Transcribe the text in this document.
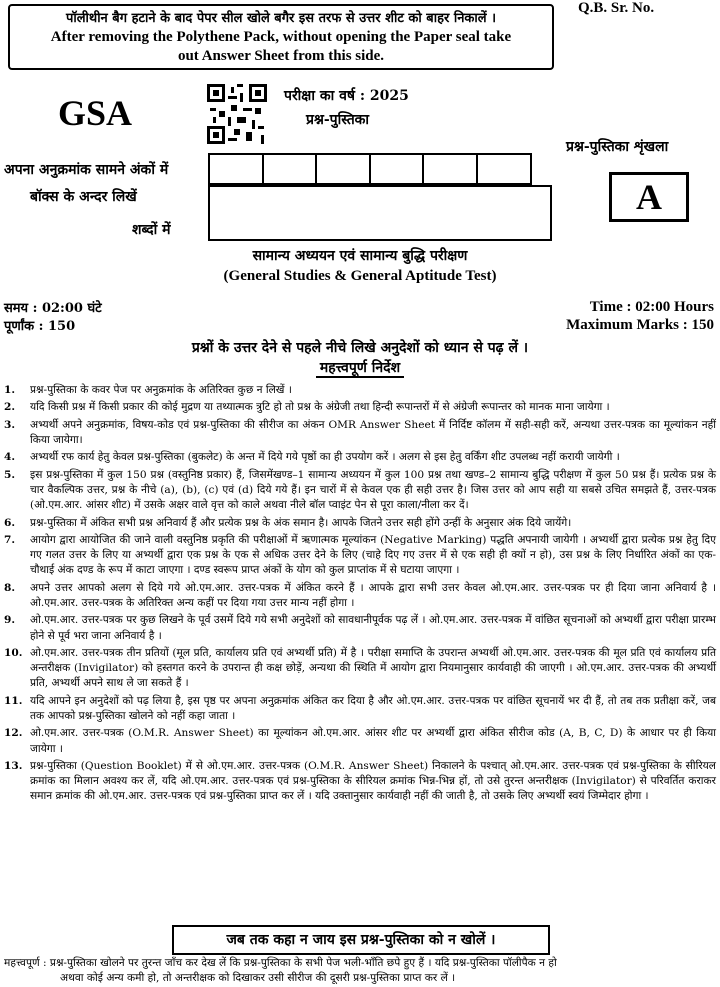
पॉलीथीन बैग हटाने के बाद पेपर सील खोले बगैर इस तरफ से उत्तर शीट को बाहर निकालें ।
After removing the Polythene Pack, without opening the Paper seal take
out Answer Sheet from this side.
Q.B. Sr. No.
GSA	परीक्षा का वर्ष : 2025
प्रश्न-पुस्तिका
प्रश्न-पुस्तिका शृंखला
A
अपना अनुक्रमांक सामने अंकों में
बॉक्स के अन्दर लिखें
शब्दों में
सामान्य अध्ययन एवं सामान्य बुद्धि परीक्षण
(General Studies & General Aptitude Test)
समय : 02:00 घंटे
पूर्णांक : 150
Time : 02:00 Hours
Maximum Marks : 150
प्रश्नों के उत्तर देने से पहले नीचे लिखे अनुदेशों को ध्यान से पढ़ लें ।
महत्त्वपूर्ण निर्देश
1.	प्रश्न-पुस्तिका के कवर पेज पर अनुक्रमांक के अतिरिक्त कुछ न लिखें ।
2.	यदि किसी प्रश्न में किसी प्रकार की कोई मुद्रण या तथ्यात्मक त्रुटि हो तो प्रश्न के अंग्रेजी तथा हिन्दी रूपान्तरों में से अंग्रेजी रूपान्तर को मानक माना जायेगा ।
3.	अभ्यर्थी अपने अनुक्रमांक, विषय-कोड एवं प्रश्न-पुस्तिका की सीरीज का अंकन OMR Answer Sheet में निर्दिष्ट कॉलम में सही-सही करें, अन्यथा उत्तर-पत्रक का मूल्यांकन नहीं किया जायेगा।
4.	अभ्यर्थी रफ कार्य हेतु केवल प्रश्न-पुस्तिका (बुकलेट) के अन्त में दिये गये पृष्ठों का ही उपयोग करें । अलग से इस हेतु वर्किंग शीट उपलब्ध नहीं करायी जायेगी ।
5.	इस प्रश्न-पुस्तिका में कुल 150 प्रश्न (वस्तुनिष्ठ प्रकार) हैं, जिसमेंखण्ड–1 सामान्य अध्ययन में कुल 100 प्रश्न तथा खण्ड–2 सामान्य बुद्धि परीक्षण में कुल 50 प्रश्न हैं। प्रत्येक प्रश्न के चार वैकल्पिक उत्तर, प्रश्न के नीचे (a), (b), (c) एवं (d) दिये गये हैं। इन चारों में से केवल एक ही सही उत्तर है। जिस उत्तर को आप सही या सबसे उचित समझते हैं, उत्तर-पत्रक (ओ.एम.आर. आंसर शीट) में उसके अक्षर वाले वृत्त को काले अथवा नीले बॉल प्वाइंट पेन से पूरा काला/नीला कर दें।
6.	प्रश्न-पुस्तिका में अंकित सभी प्रश्न अनिवार्य हैं और प्रत्येक प्रश्न के अंक समान है। आपके जितने उत्तर सही होंगे उन्हीं के अनुसार अंक दिये जायेंगे।
7.	आयोग द्वारा आयोजित की जाने वाली वस्तुनिष्ठ प्रकृति की परीक्षाओं में ऋणात्मक मूल्यांकन (Negative Marking) पद्धति अपनायी जायेगी । अभ्यर्थी द्वारा प्रत्येक प्रश्न हेतु दिए गए गलत उत्तर के लिए या अभ्यर्थी द्वारा एक प्रश्न के एक से अधिक उत्तर देने के लिए (चाहे दिए गए उत्तर में से एक सही ही क्यों न हो), उस प्रश्न के लिए निर्धारित अंकों का एक-चौथाई अंक दण्ड के रूप में काटा जाएगा । दण्ड स्वरूप प्राप्त अंकों के योग को कुल प्राप्तांक में से घटाया जाएगा ।
8.	अपने उत्तर आपको अलग से दिये गये ओ.एम.आर. उत्तर-पत्रक में अंकित करने हैं । आपके द्वारा सभी उत्तर केवल ओ.एम.आर. उत्तर-पत्रक पर ही दिया जाना अनिवार्य है । ओ.एम.आर. उत्तर-पत्रक के अतिरिक्त अन्य कहीं पर दिया गया उत्तर मान्य नहीं होगा ।
9.	ओ.एम.आर. उत्तर-पत्रक पर कुछ लिखने के पूर्व उसमें दिये गये सभी अनुदेशों को सावधानीपूर्वक पढ़ लें । ओ.एम.आर. उत्तर-पत्रक में वांछित सूचनाओं को अभ्यर्थी द्वारा परीक्षा प्रारम्भ होने से पूर्व भरा जाना अनिवार्य है ।
10. ओ.एम.आर. उत्तर-पत्रक तीन प्रतियों (मूल प्रति, कार्यालय प्रति एवं अभ्यर्थी प्रति) में है । परीक्षा समाप्ति के उपरान्त अभ्यर्थी ओ.एम.आर. उत्तर-पत्रक की मूल प्रति एवं कार्यालय प्रति अन्तरीक्षक (Invigilator) को हस्तगत करने के उपरान्त ही कक्ष छोड़ें, अन्यथा की स्थिति में आयोग द्वारा नियमानुसार कार्यवाही की जाएगी । ओ.एम.आर. उत्तर-पत्रक की अभ्यर्थी प्रति, अभ्यर्थी अपने साथ ले जा सकते हैं ।
11. यदि आपने इन अनुदेशों को पढ़ लिया है, इस पृष्ठ पर अपना अनुक्रमांक अंकित कर दिया है और ओ.एम.आर. उत्तर-पत्रक पर वांछित सूचनायें भर दी हैं, तो तब तक प्रतीक्षा करें, जब तक आपको प्रश्न-पुस्तिका खोलने को नहीं कहा जाता ।
12. ओ.एम.आर. उत्तर-पत्रक (O.M.R. Answer Sheet) का मूल्यांकन ओ.एम.आर. आंसर शीट पर अभ्यर्थी द्वारा अंकित सीरीज कोड (A, B, C, D) के आधार पर ही किया जायेगा ।
13. प्रश्न-पुस्तिका (Question Booklet) में से ओ.एम.आर. उत्तर-पत्रक (O.M.R. Answer Sheet) निकालने के पश्चात् ओ.एम.आर. उत्तर-पत्रक एवं प्रश्न-पुस्तिका के सीरियल क्रमांक का मिलान अवश्य कर लें, यदि ओ.एम.आर. उत्तर-पत्रक एवं प्रश्न-पुस्तिका के सीरियल क्रमांक भिन्न-भिन्न हों, तो उसे तुरन्त अन्तरीक्षक (Invigilator) से परिवर्तित कराकर समान क्रमांक की ओ.एम.आर. उत्तर-पत्रक एवं प्रश्न-पुस्तिका प्राप्त कर लें । यदि उक्तानुसार कार्यवाही नहीं की जाती है, तो उसके लिए अभ्यर्थी स्वयं जिम्मेदार होगा ।
जब तक कहा न जाय इस प्रश्न-पुस्तिका को न खोलें ।
महत्त्वपूर्ण : प्रश्न-पुस्तिका खोलने पर तुरन्त जाँच कर देख लें कि प्रश्न-पुस्तिका के सभी पेज भली-भाँति छपे हुए हैं । यदि प्रश्न-पुस्तिका पॉलीपैक न हो
अथवा कोई अन्य कमी हो, तो अन्तरीक्षक को दिखाकर उसी सीरीज की दूसरी प्रश्न-पुस्तिका प्राप्त कर लें ।
